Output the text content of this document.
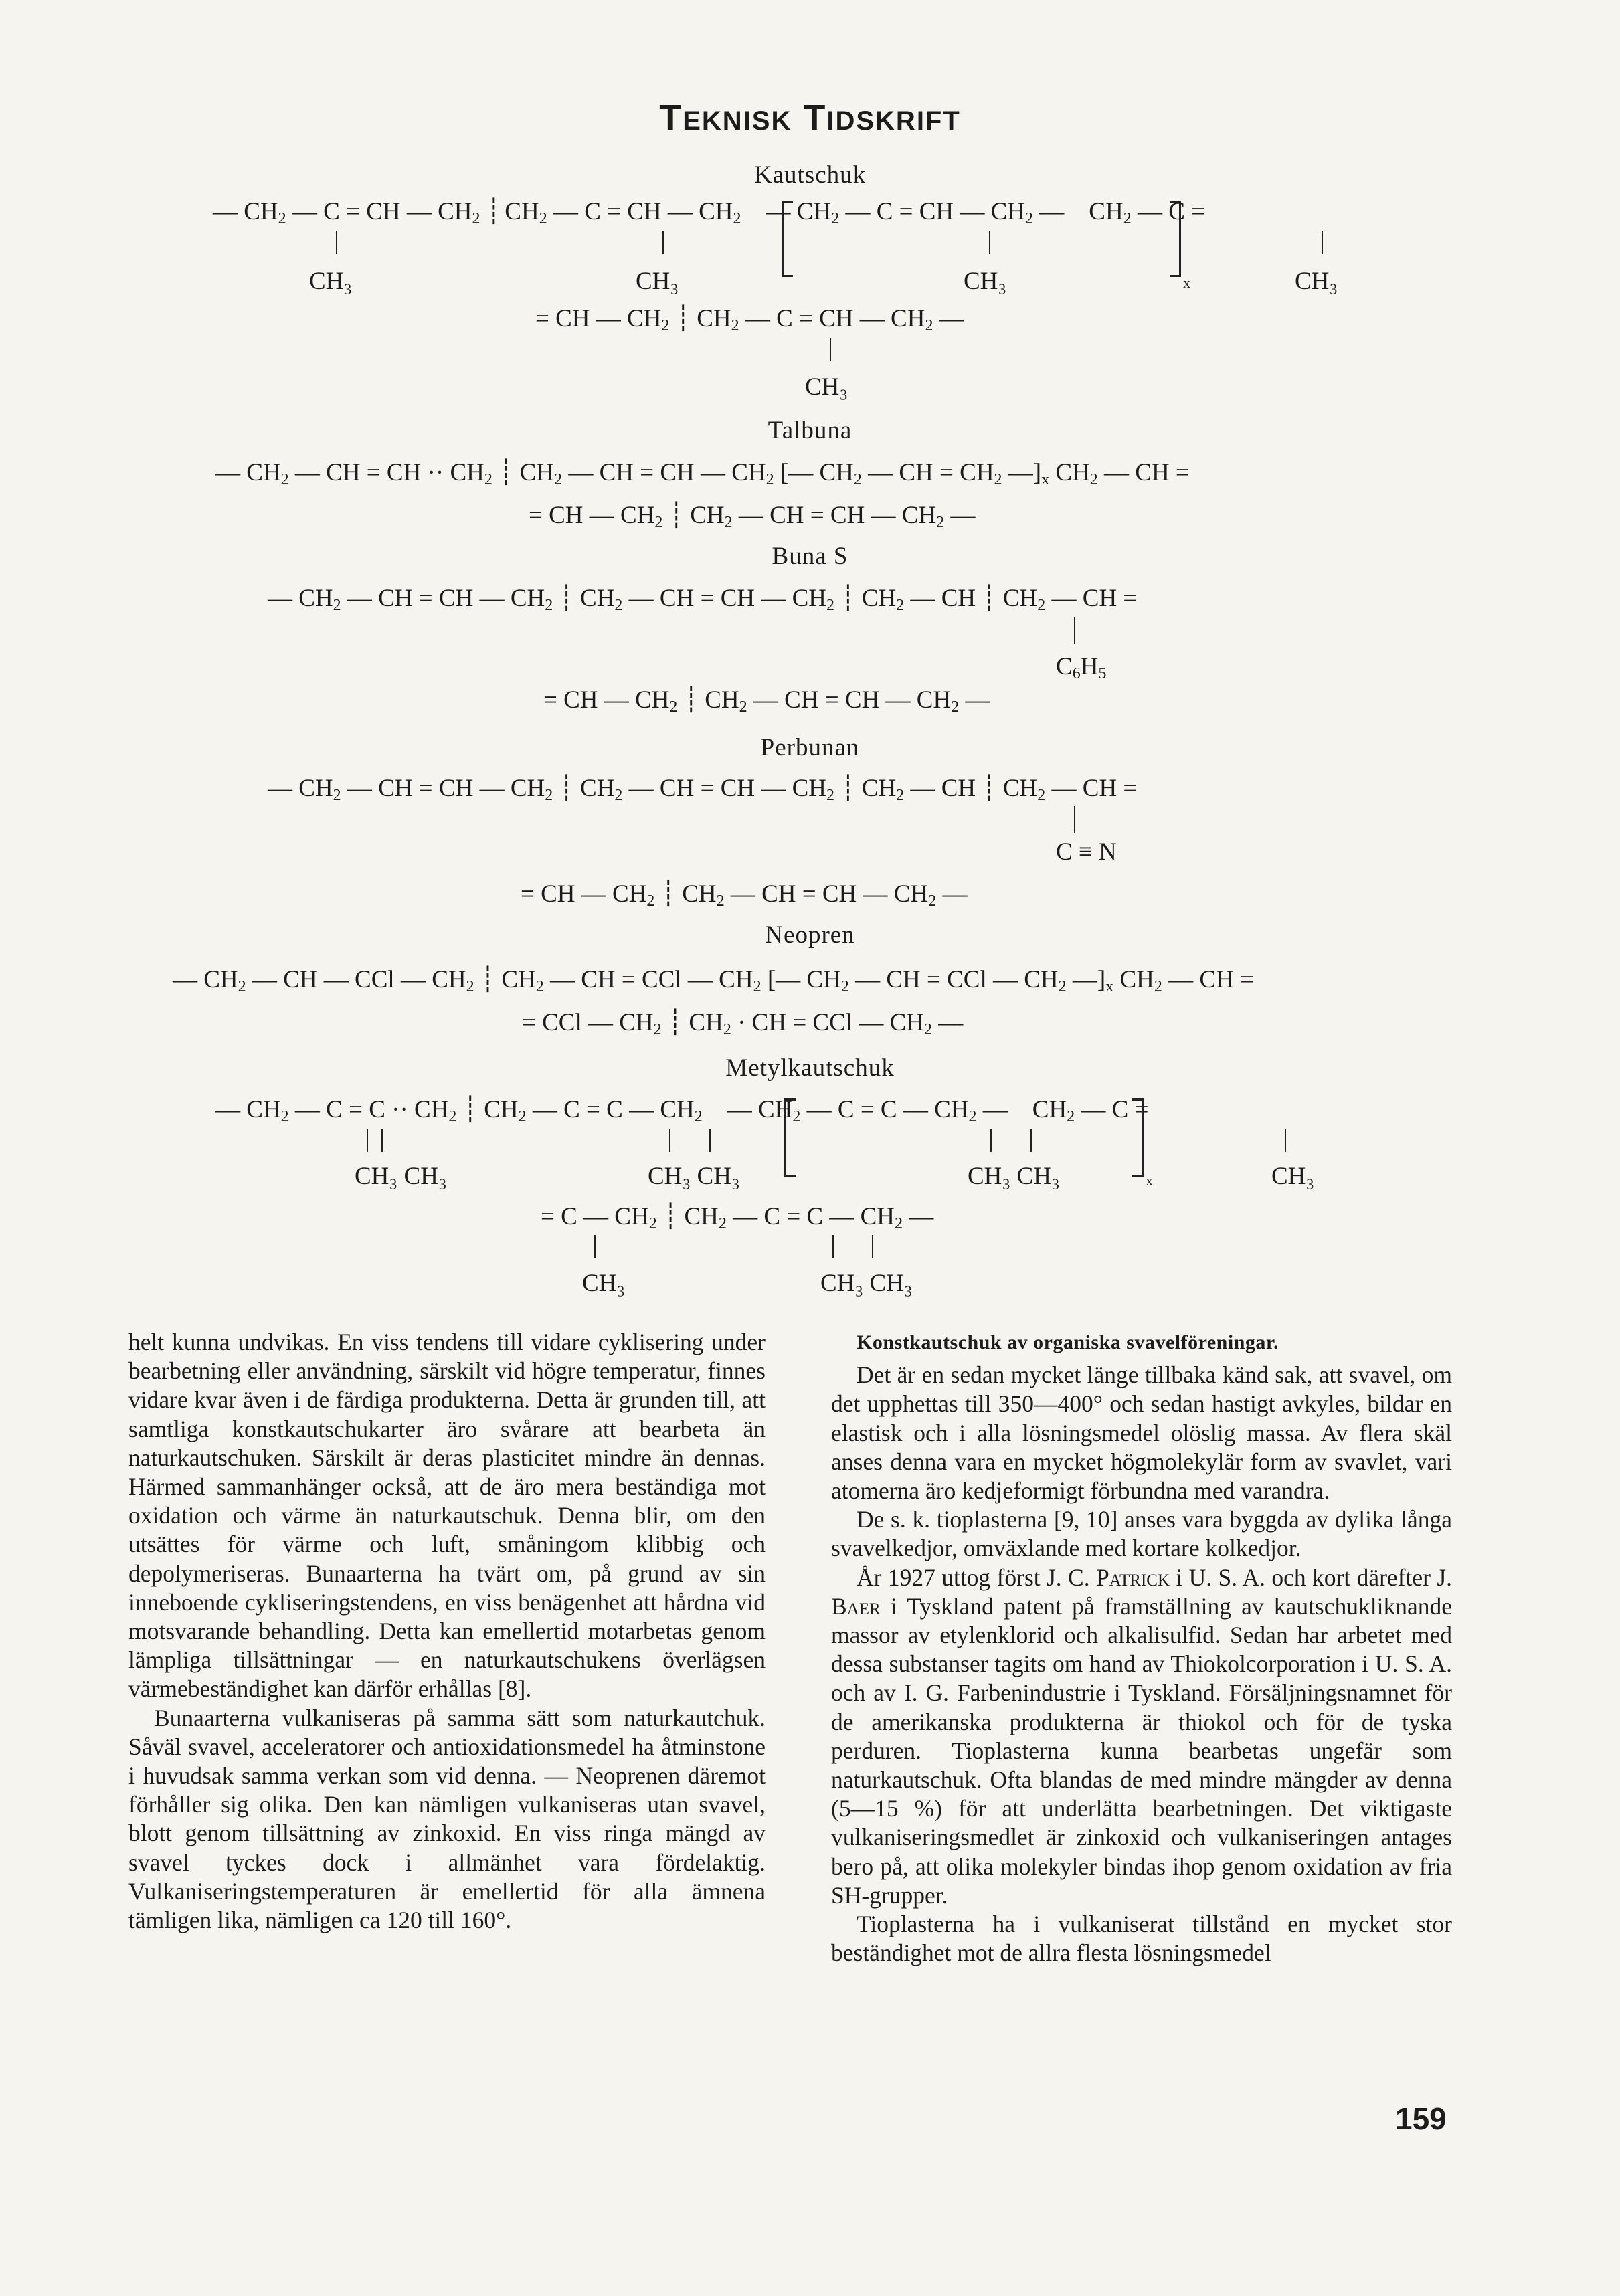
TEKNISK TIDSKRIFT
Kautschuk
— $CH_2$ — C = CH — $CH_2$ ┊ $CH_2$ — C = CH — $CH_2$    — $CH_2$ — C = CH — $CH_2$ —    $CH_2$ — C =
CH₃	CH₃	CH₃	CH₃
x
= CH — $CH_2$ ┊ $CH_2$ — C = CH — $CH_2$ —
CH₃
Talbuna
— $CH_2$ — CH = CH ·· $CH_2$ ┊ $CH_2$ — CH = CH — $CH_2$ [— $CH_2$ — CH = $CH_2$ $—]_x$ $CH_2$ — CH =
= CH — $CH_2$ ┊ $CH_2$ — CH = CH — $CH_2$ —
Buna S
— $CH_2$ — CH = CH — $CH_2$ ┊ $CH_2$ — CH = CH — $CH_2$ ┊ $CH_2$ — CH ┊ $CH_2$ — CH =
$C_6H_5$
= CH — $CH_2$ ┊ $CH_2$ — CH = CH — $CH_2$ —
Perbunan
— $CH_2$ — CH = CH — $CH_2$ ┊ $CH_2$ — CH = CH — $CH_2$ ┊ $CH_2$ — CH ┊ $CH_2$ — CH =
C ≡ N
= CH — $CH_2$ ┊ $CH_2$ — CH = CH — $CH_2$ —
Neopren
— $CH_2$ — CH — CCl — $CH_2$ ┊ $CH_2$ — CH = CCl — $CH_2$ [— $CH_2$ — CH = CCl — $CH_2$ $—]_x$ $CH_2$ — CH =
= CCl — $CH_2$ ┊ $CH_2$ · CH = CCl — $CH_2$ —
Metylkautschuk
— $CH_2$ — $C = C \cdot\cdot CH_2$ ┊ $CH_2$ — C = C — $CH_2$    — $CH_2$ — C = C — $CH_2$ —    $CH_2$ — C =
CH₃ CH₃	CH₃ CH₃	CH₃ CH₃	CH₃
x
= C — $CH_2$ ┊ $CH_2$ — C = C — $CH_2$ —
CH₃	CH₃ CH₃

helt kunna undvikas. En viss tendens till vidare cyklisering under bearbetning eller användning, särskilt vid högre temperatur, finnes vidare kvar även i de färdiga produkterna. Detta är grunden till, att samtliga konstkautschukarter äro svårare att bearbeta än naturkautschuken. Särskilt är deras plasticitet mindre än dennas. Härmed sammanhänger också, att de äro mera beständiga mot oxidation och värme än naturkautschuk. Denna blir, om den utsättes för värme och luft, småningom klibbig och depolymeriseras. Bunaarterna ha tvärt om, på grund av sin inneboende cykliseringstendens, en viss benägenhet att hårdna vid motsvarande behandling. Detta kan emellertid motarbetas genom lämpliga tillsättningar — en naturkautschukens överlägsen värmebeständighet kan därför erhållas [8].

Bunaarterna vulkaniseras på samma sätt som naturkautchuk. Såväl svavel, acceleratorer och antioxidationsmedel ha åtminstone i huvudsak samma verkan som vid denna. — Neoprenen däremot förhåller sig olika. Den kan nämligen vulkaniseras utan svavel, blott genom tillsättning av zinkoxid. En viss ringa mängd av svavel tyckes dock i allmänhet vara fördelaktig. Vulkaniseringstemperaturen är emellertid för alla ämnena tämligen lika, nämligen ca 120 till 160°.

Konstkautschuk av organiska svavelföreningar.

Det är en sedan mycket länge tillbaka känd sak, att svavel, om det upphettas till 350—400° och sedan hastigt avkyles, bildar en elastisk och i alla lösningsmedel olöslig massa. Av flera skäl anses denna vara en mycket högmolekylär form av svavlet, vari atomerna äro kedjeformigt förbundna med varandra.

De s. k. tioplasterna [9, 10] anses vara byggda av dylika långa svavelkedjor, omväxlande med kortare kolkedjor.

År 1927 uttog först J. C. Patrick i U. S. A. och kort därefter J. Baer i Tyskland patent på framställning av kautschukliknande massor av etylenklorid och alkalisulfid. Sedan har arbetet med dessa substanser tagits om hand av Thiokolcorporation i U. S. A. och av I. G. Farbenindustrie i Tyskland. Försäljningsnamnet för de amerikanska produkterna är thiokol och för de tyska perduren. Tioplasterna kunna bearbetas ungefär som naturkautschuk. Ofta blandas de med mindre mängder av denna (5—15 %) för att underlätta bearbetningen. Det viktigaste vulkaniseringsmedlet är zinkoxid och vulkaniseringen antages bero på, att olika molekyler bindas ihop genom oxidation av fria SH-grupper.

Tioplasterna ha i vulkaniserat tillstånd en mycket stor beständighet mot de allra flesta lösningsmedel

159
